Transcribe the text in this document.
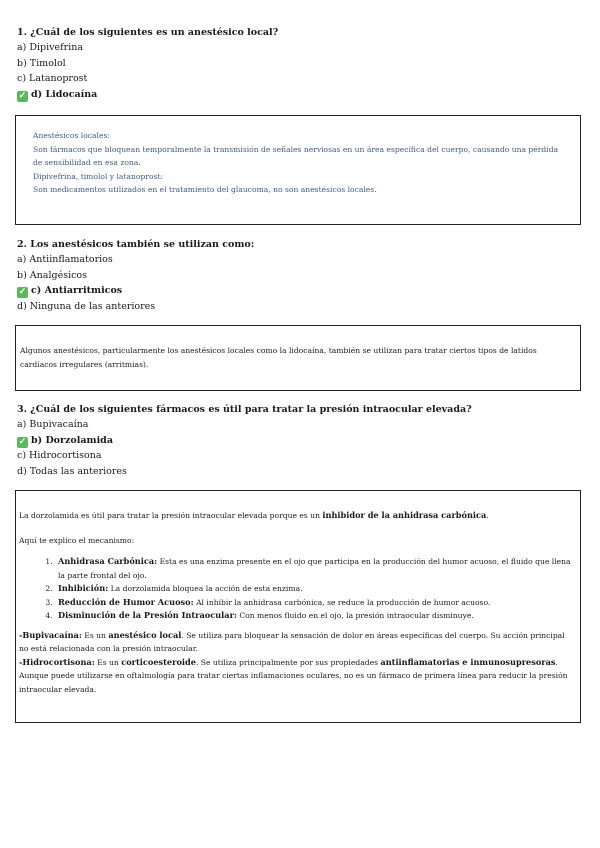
1. ¿Cuál de los siguientes es un anestésico local?

a) Dipivefrina

b) Timolol

c) Latanoprost

✓ d) Lidocaína

Anestésicos locales:

Son fármacos que bloquean temporalmente la transmisión de señales nerviosas en un área específica del cuerpo, causando una pérdida de sensibilidad en esa zona.

Dipivefrina, timolol y latanoprost:

Son medicamentos utilizados en el tratamiento del glaucoma, no son anestésicos locales.

2. Los anestésicos también se utilizan como:

a) Antiinflamatorios

b) Analgésicos

✓ c) Antiarritmicos

d) Ninguna de las anteriores

Algunos anestésicos, particularmente los anestésicos locales como la lidocaína, también se utilizan para tratar ciertos tipos de latidos cardíacos irregulares (arritmias).

3. ¿Cuál de los siguientes fármacos es útil para tratar la presión intraocular elevada?

a) Bupivacaína

✓ b) Dorzolamida

c) Hidrocortisona

d) Todas las anteriores

La dorzolamida es útil para tratar la presión intraocular elevada porque es un inhibidor de la anhidrasa carbónica.

Aquí te explico el mecanismo:

1. Anhidrasa Carbónica: Esta es una enzima presente en el ojo que participa en la producción del humor acuoso, el fluido que llena la parte frontal del ojo.
2. Inhibición: La dorzolamida bloquea la acción de esta enzima.
3. Reducción de Humor Acuoso: Al inhibir la anhidrasa carbónica, se reduce la producción de humor acuoso.
4. Disminución de la Presión Intraocular: Con menos fluido en el ojo, la presión intraocular disminuye.

-Bupivacaína: Es un anestésico local. Se utiliza para bloquear la sensación de dolor en áreas específicas del cuerpo. Su acción principal no está relacionada con la presión intraocular.

-Hidrocortisona: Es un corticoesteroide. Se utiliza principalmente por sus propiedades antiinflamatorias e inmunosupresoras. Aunque puede utilizarse en oftalmología para tratar ciertas inflamaciones oculares, no es un fármaco de primera línea para reducir la presión intraocular elevada.
